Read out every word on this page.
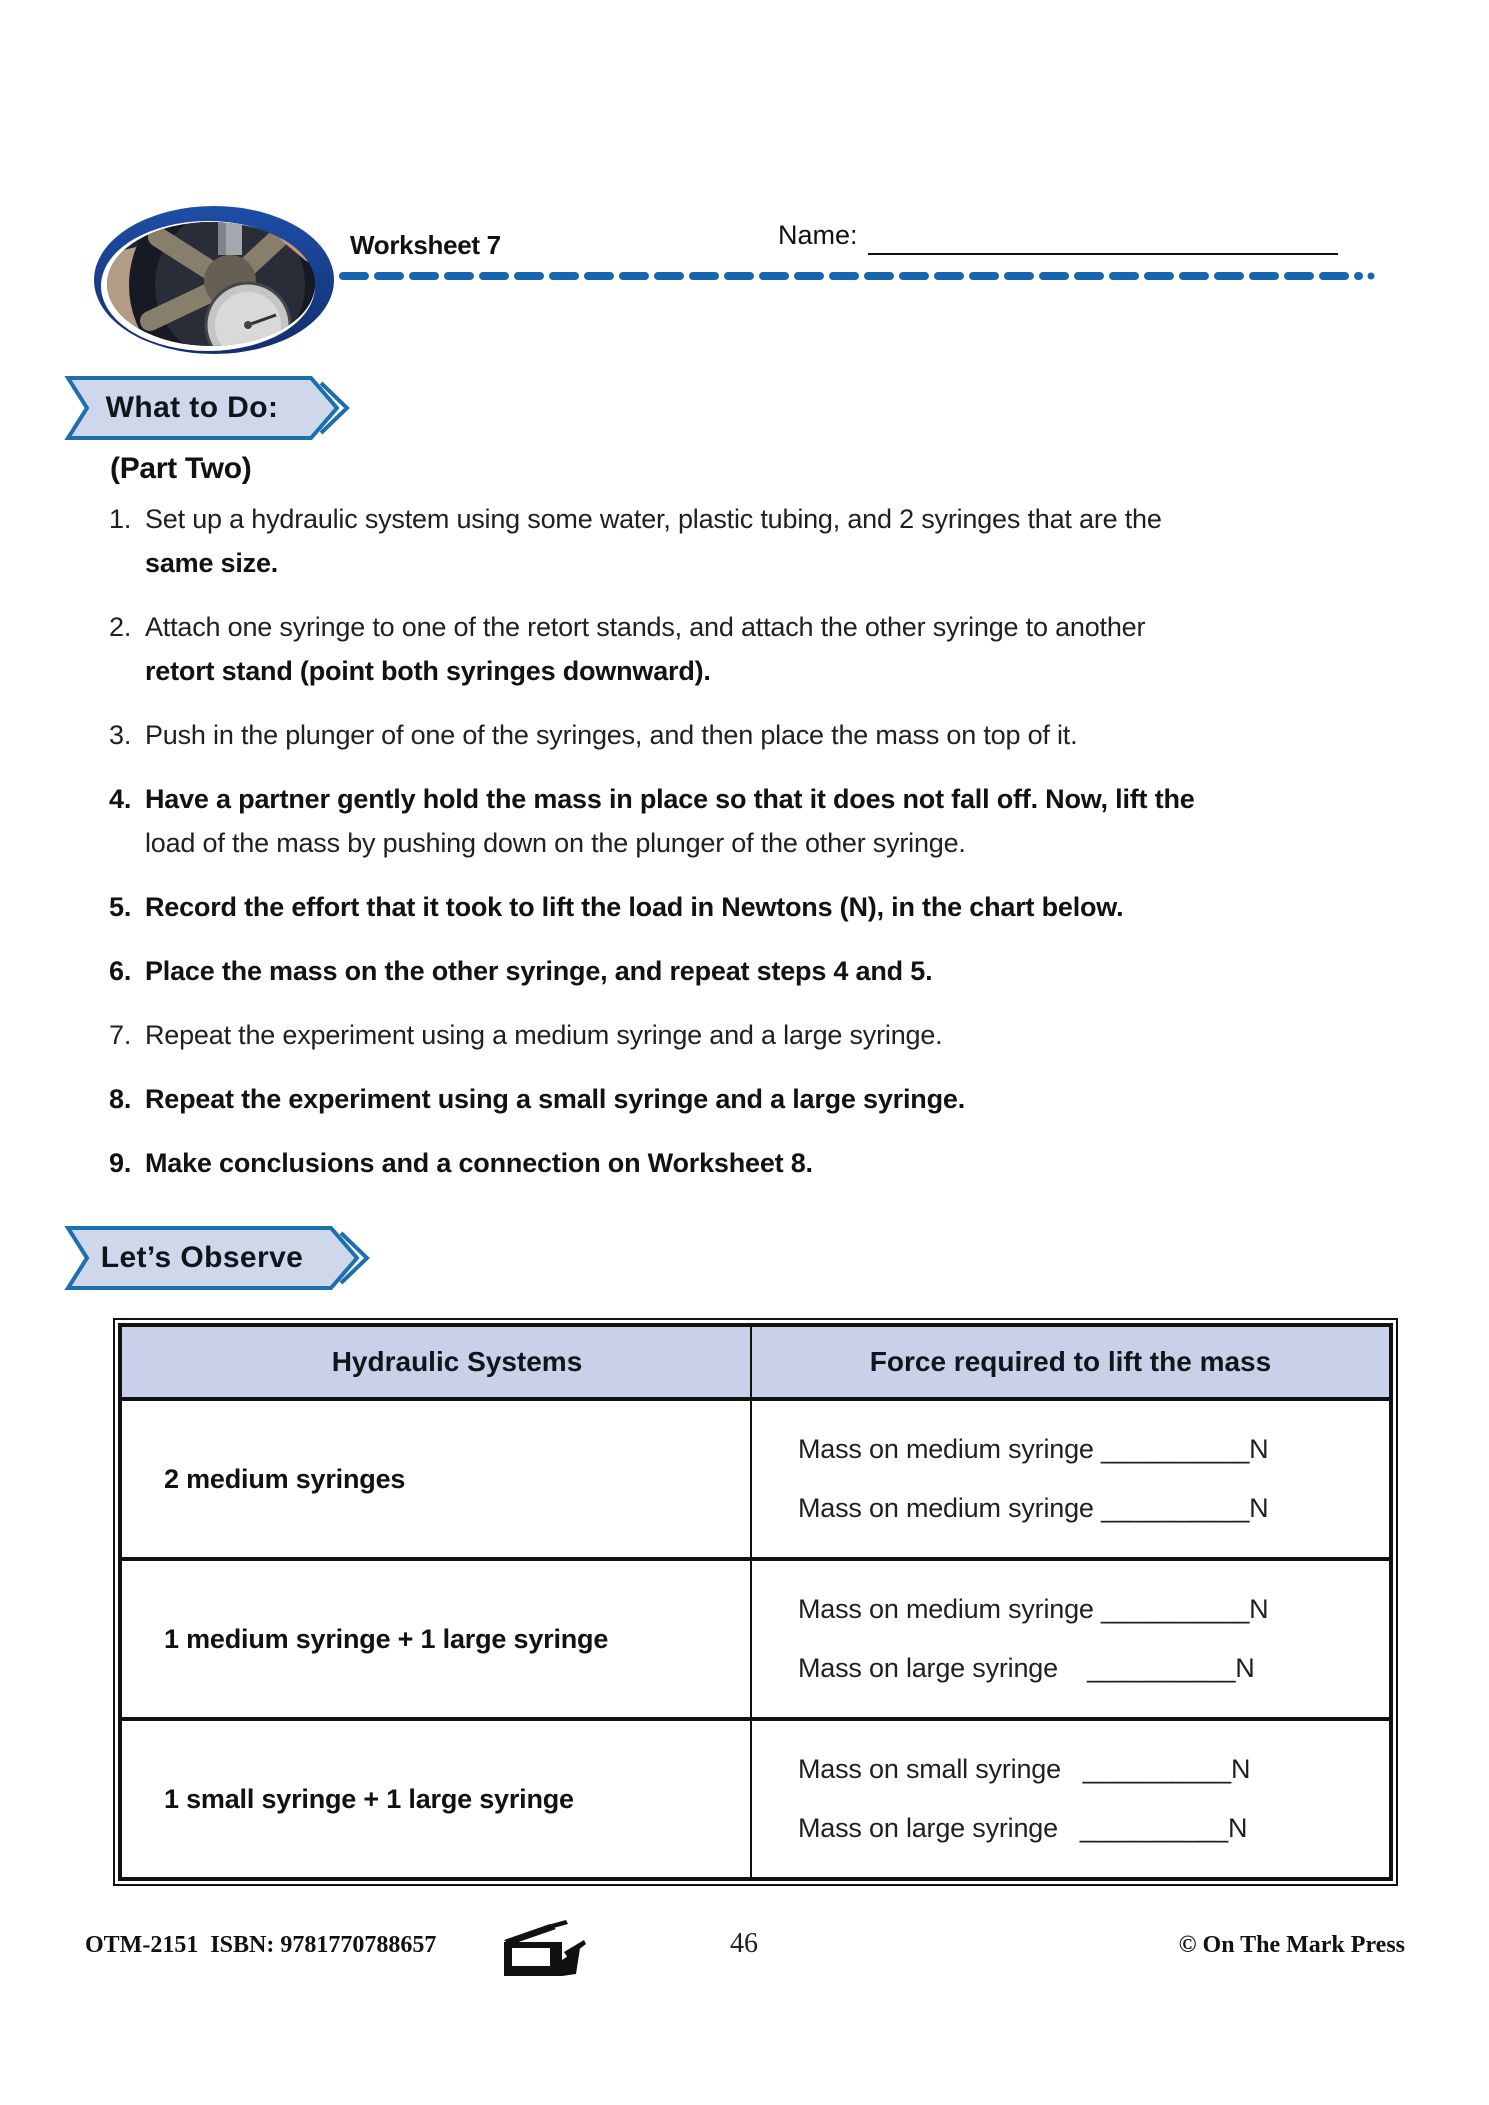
Worksheet 7	Name:
What to Do:
(Part Two)
1. Set up a hydraulic system using some water, plastic tubing, and 2 syringes that are the
same size.
2. Attach one syringe to one of the retort stands, and attach the other syringe to another
retort stand (point both syringes downward).
3. Push in the plunger of one of the syringes, and then place the mass on top of it.
4. Have a partner gently hold the mass in place so that it does not fall off. Now, lift the
load of the mass by pushing down on the plunger of the other syringe.
5. Record the effort that it took to lift the load in Newtons (N), in the chart below.
6. Place the mass on the other syringe, and repeat steps 4 and 5.
7. Repeat the experiment using a medium syringe and a large syringe.
8. Repeat the experiment using a small syringe and a large syringe.
9. Make conclusions and a connection on Worksheet 8.
Let’s Observe
Hydraulic Systems	Force required to lift the mass
2 medium syringes
Mass on medium syringe __________N
Mass on medium syringe __________N
1 medium syringe + 1 large syringe
Mass on medium syringe __________N
Mass on large syringe    __________N
1 small syringe + 1 large syringe
Mass on small syringe   __________N
Mass on large syringe   __________N
OTM-2151  ISBN: 9781770788657	46	© On The Mark Press
